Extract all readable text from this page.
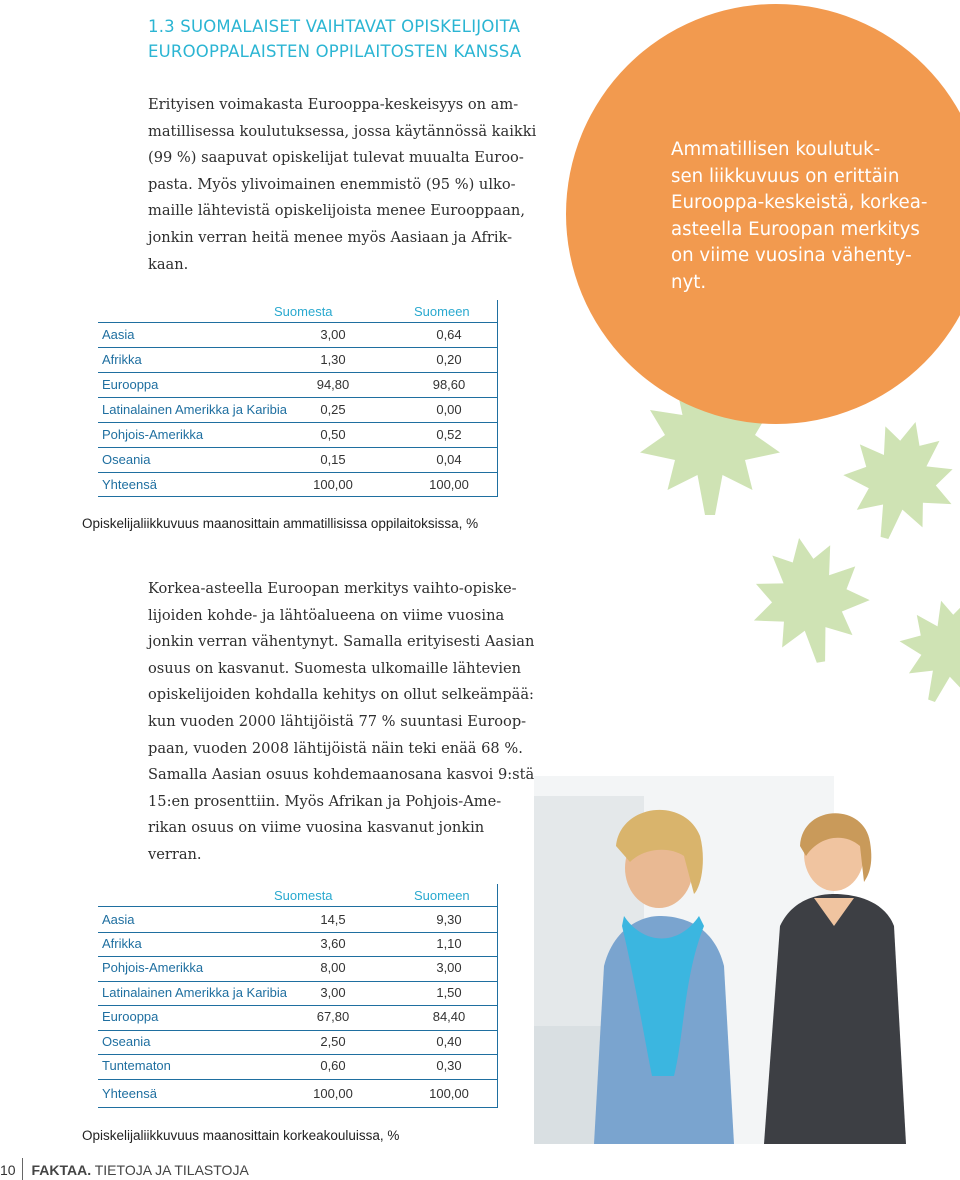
1.3 SUOMALAISET VAIHTAVAT OPISKELIJOITA
EUROOPPALAISTEN OPPILAITOSTEN KANSSA
Ammatillisen koulutuk-
sen liikkuvuus on erittäin
Eurooppa-keskeistä, korkea-
asteella Euroopan merkitys
on viime vuosina vähenty-
nyt.
Erityisen voimakasta Eurooppa-keskeisyys on am-
matillisessa koulutuksessa, jossa käytännössä kaikki
(99 %) saapuvat opiskelijat tulevat muualta Euroo-
pasta. Myös ylivoimainen enemmistö (95 %) ulko-
maille lähtevistä opiskelijoista menee Eurooppaan,
jonkin verran heitä menee myös Aasiaan ja Afrik-
kaan.
Suomesta	Suomeen
Aasia	3,00	0,64
Afrikka	1,30	0,20
Eurooppa	94,80	98,60
Latinalainen Amerikka ja Karibia	0,25	0,00
Pohjois-Amerikka	0,50	0,52
Oseania	0,15	0,04
Yhteensä	100,00	100,00
Opiskelijaliikkuvuus maanosittain ammatillisissa oppilaitoksissa, %
Korkea-asteella Euroopan merkitys vaihto-opiske-
lijoiden kohde- ja lähtöalueena on viime vuosina
jonkin verran vähentynyt. Samalla erityisesti Aasian
osuus on kasvanut. Suomesta ulkomaille lähtevien
opiskelijoiden kohdalla kehitys on ollut selkeämpää:
kun vuoden 2000 lähtijöistä 77 % suuntasi Euroop-
paan, vuoden 2008 lähtijöistä näin teki enää 68 %.
Samalla Aasian osuus kohdemaanosana kasvoi 9:stä
15:en prosenttiin. Myös Afrikan ja Pohjois-Ame-
rikan osuus on viime vuosina kasvanut jonkin
verran.
Suomesta	Suomeen
Aasia	14,5	9,30
Afrikka	3,60	1,10
Pohjois-Amerikka	8,00	3,00
Latinalainen Amerikka ja Karibia	3,00	1,50
Eurooppa	67,80	84,40
Oseania	2,50	0,40
Tuntematon	0,60	0,30
Yhteensä	100,00	100,00
Opiskelijaliikkuvuus maanosittain korkeakouluissa, %
10 FAKTAA. TIETOJA JA TILASTOJA
